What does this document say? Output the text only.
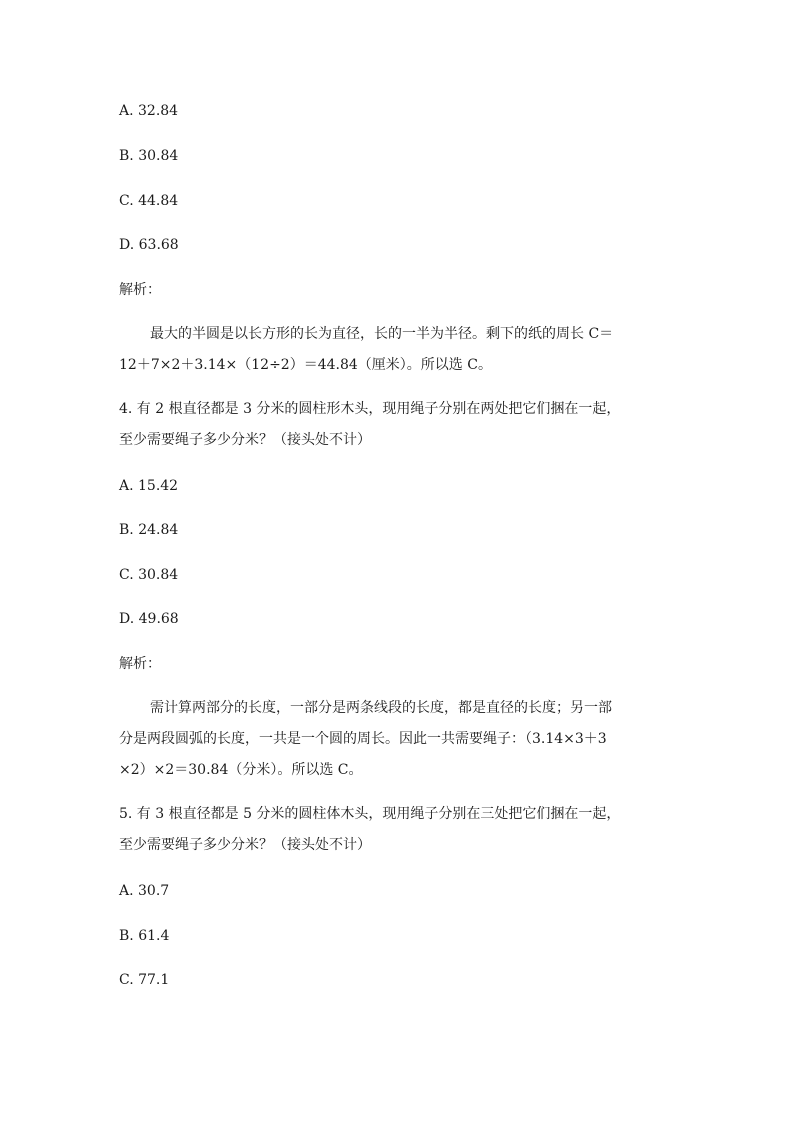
A. 32.84
B. 30.84
C. 44.84
D. 63.68
解析：
最大的半圆是以长方形的长为直径，长的一半为半径。剩下的纸的周长 C＝
12＋7×2＋3.14×（12÷2）＝44.84（厘米）。所以选 C。
4. 有 2 根直径都是 3 分米的圆柱形木头，现用绳子分别在两处把它们捆在一起，
至少需要绳子多少分米？（接头处不计）
A. 15.42
B. 24.84
C. 30.84
D. 49.68
解析：
需计算两部分的长度，一部分是两条线段的长度，都是直径的长度；另一部
分是两段圆弧的长度，一共是一个圆的周长。因此一共需要绳子：（3.14×3＋3
×2）×2＝30.84（分米）。所以选 C。
5. 有 3 根直径都是 5 分米的圆柱体木头，现用绳子分别在三处把它们捆在一起，
至少需要绳子多少分米？（接头处不计）
A. 30.7
B. 61.4
C. 77.1
